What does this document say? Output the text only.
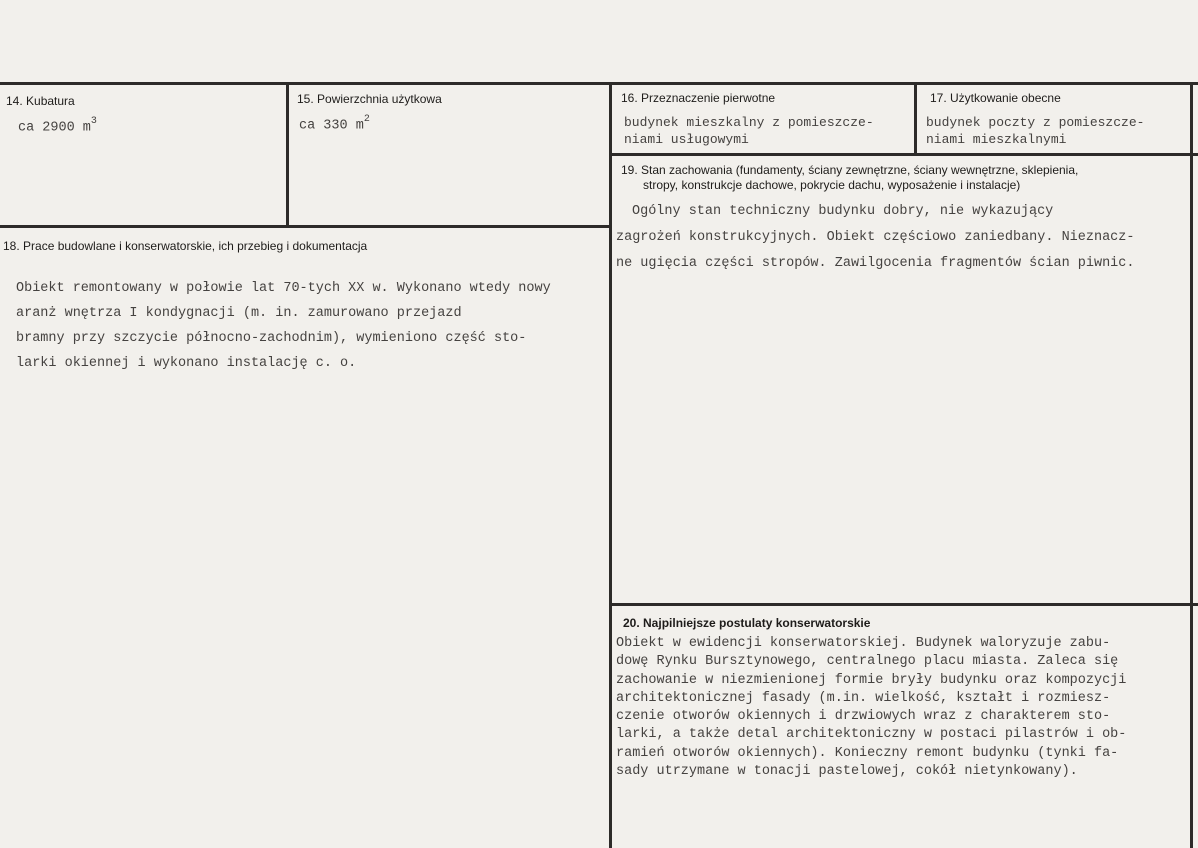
14. Kubatura
ca 2900 $m^3$
15. Powierzchnia użytkowa
ca 330 $m^2$
16. Przeznaczenie pierwotne
budynek mieszkalny z pomieszcze-
niami usługowymi
17. Użytkowanie obecne
budynek poczty z pomieszcze-
niami mieszkalnymi
18. Prace budowlane i konserwatorskie, ich przebieg i dokumentacja
Obiekt remontowany w połowie lat 70-tych XX w. Wykonano wtedy nowy
aranż wnętrza I kondygnacji (m. in. zamurowano przejazd
bramny przy szczycie północno-zachodnim), wymieniono część sto-
larki okiennej i wykonano instalację c. o.
19. Stan zachowania (fundamenty, ściany zewnętrzne, ściany wewnętrzne, sklepienia,
stropy, konstrukcje dachowe, pokrycie dachu, wyposażenie i instalacje)
Ogólny stan techniczny budynku dobry, nie wykazujący
zagrożeń konstrukcyjnych. Obiekt częściowo zaniedbany. Nieznacz-
ne ugięcia części stropów. Zawilgocenia fragmentów ścian piwnic.
20. Najpilniejsze postulaty konserwatorskie
Obiekt w ewidencji konserwatorskiej. Budynek waloryzuje zabu-
dowę Rynku Bursztynowego, centralnego placu miasta. Zaleca się
zachowanie w niezmienionej formie bryły budynku oraz kompozycji
architektonicznej fasady (m.in. wielkość, kształt i rozmiesz-
czenie otworów okiennych i drzwiowych wraz z charakterem sto-
larki, a także detal architektoniczny w postaci pilastrów i ob-
ramień otworów okiennych). Konieczny remont budynku (tynki fa-
sady utrzymane w tonacji pastelowej, cokół nietynkowany).
